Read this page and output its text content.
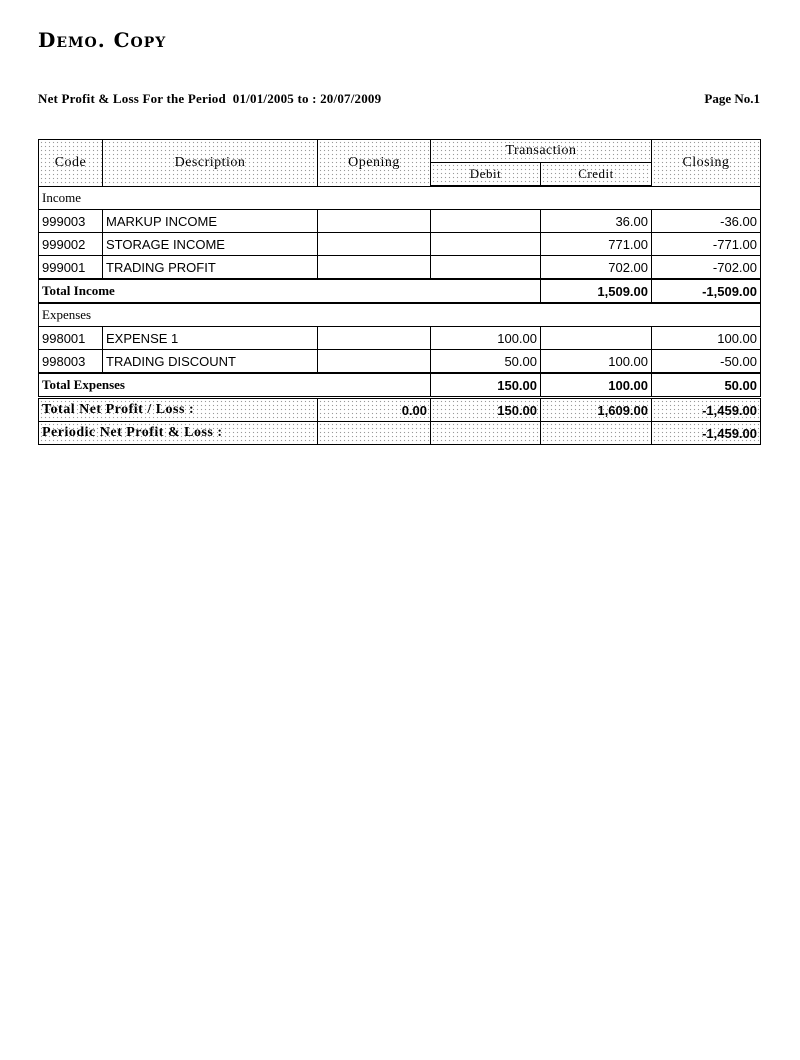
Demo. Copy
Net Profit & Loss For the Period  01/01/2005 to : 20/07/2009	Page No.1
Code	Description	Opening	Transaction		Closing
			Debit	Credit	
Income					
999003	MARKUP INCOME			36.00	-36.00
999002	STORAGE INCOME			771.00	-771.00
999001	TRADING PROFIT			702.00	-702.00
Total Income				1,509.00	-1,509.00
Expenses					
998001	EXPENSE 1		100.00		100.00
998003	TRADING DISCOUNT		50.00	100.00	-50.00
Total Expenses			150.00	100.00	50.00
Total Net Profit / Loss :		0.00	150.00	1,609.00	-1,459.00
Periodic Net Profit & Loss :					-1,459.00
